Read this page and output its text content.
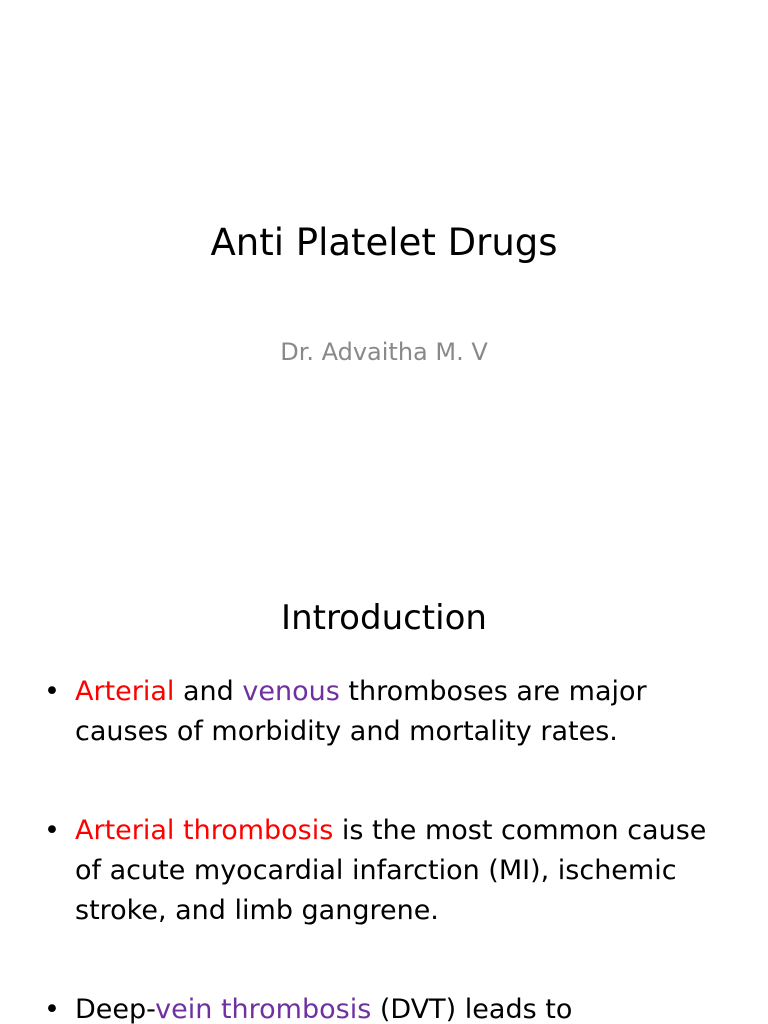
Anti Platelet Drugs
Dr. Advaitha M. V
Introduction
• Arterial and venous thromboses are major causes of morbidity and mortality rates.
• Arterial thrombosis is the most common cause of acute myocardial infarction (MI), ischemic stroke, and limb gangrene.
• Deep-vein thrombosis (DVT) leads to
